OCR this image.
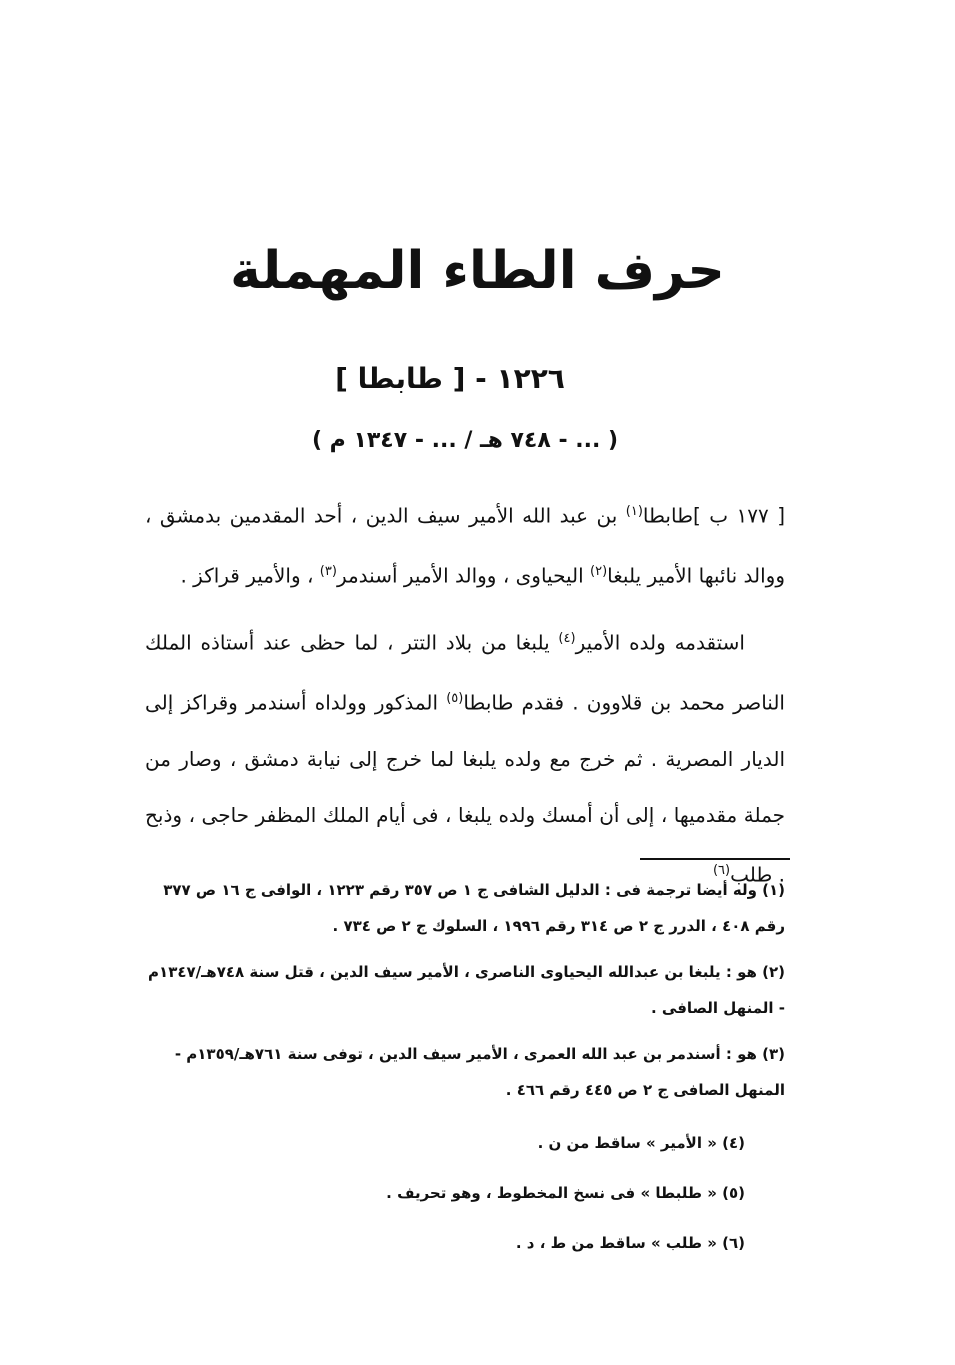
حرف الطاء المهملة
١٢٢٦ - [ طابطا ]
( ... - ٧٤٨ هـ / ... - ١٣٤٧ م )

[ ١٧٧ ب ]طابطا$^{(١)}$ بن عبد الله الأمير سيف الدين ، أحد المقدمين بدمشق ، ووالد نائبها الأمير يلبغا$^{(٢)}$ اليحياوى ، ووالد الأمير أسندمر$^{(٣)}$ ، والأمير قراكز .

استقدمه ولده الأمير$^{(٤)}$ يلبغا من بلاد التتر ، لما حظى عند أستاذه الملك الناصر محمد بن قلاوون . فقدم طابطا$^{(٥)}$ المذكور وولداه أسندمر وقراكز إلى الديار المصرية . ثم خرج مع ولده يلبغا لما خرج إلى نيابة دمشق ، وصار من جملة مقدميها ، إلى أن أمسك ولده يلبغا ، فى أيام الملك المظفر حاجى ، وذبح . طلب$^{(٦)}$

(١) وله أيضا ترجمة فى : الدليل الشافى ج ١ ص ٣٥٧ رقم ١٢٢٣ ، الوافى ج ١٦ ص ٣٧٧ رقم ٤٠٨ ، الدرر ج ٢ ص ٣١٤ رقم ١٩٩٦ ، السلوك ج ٢ ص ٧٣٤ .

(٢) هو : يلبغا بن عبدالله اليحياوى الناصرى ، الأمير سيف الدين ، قتل سنة ٧٤٨هـ/١٣٤٧م - المنهل الصافى .

(٣) هو : أسندمر بن عبد الله العمرى ، الأمير سيف الدين ، توفى سنة ٧٦١هـ/١٣٥٩م - المنهل الصافى ج ٢ ص ٤٤٥ رقم ٤٦٦ .

(٤) « الأمير » ساقط من ن .

(٥) « طلبطا » فى نسخ المخطوط ، وهو تحريف .

(٦) « طلب » ساقط من ط ، د .
